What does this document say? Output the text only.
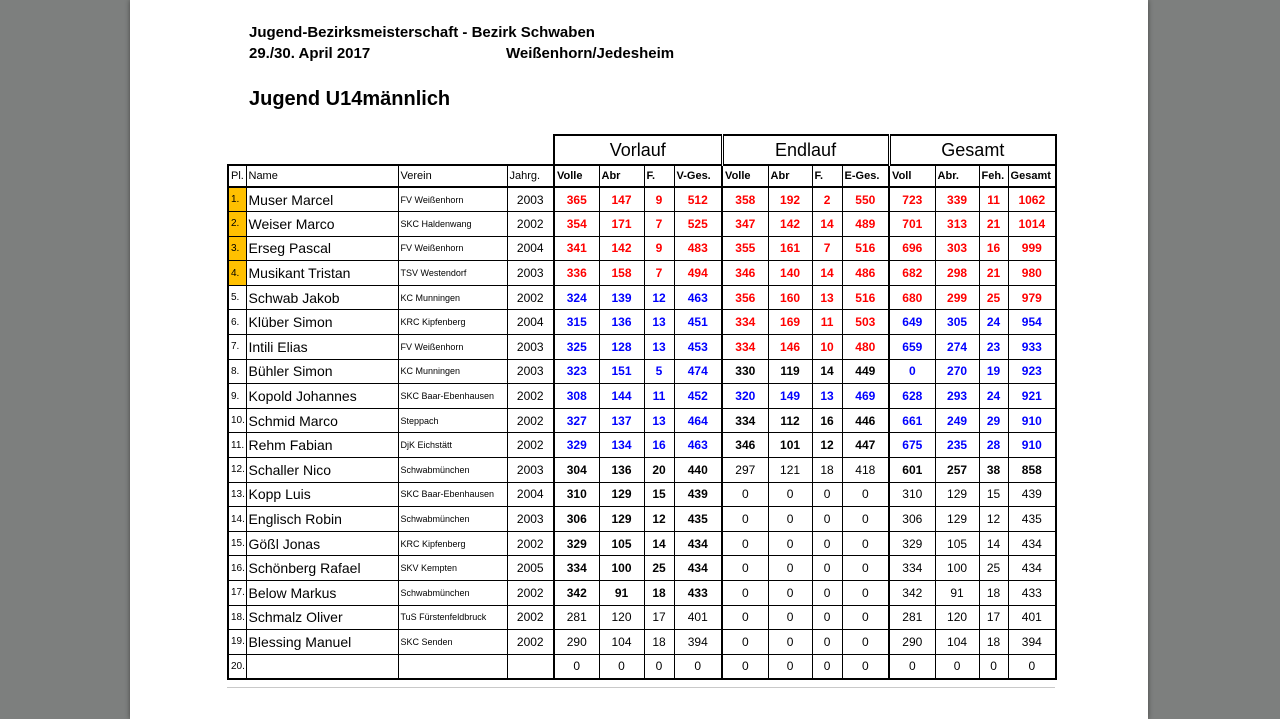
Jugend-Bezirksmeisterschaft - Bezirk Schwaben
29./30. April 2017	Weißenhorn/Jedesheim
Jugend U14männlich
				Vorlauf				Endlauf				Gesamt			
Pl.	Name	Verein	Jahrg.	Volle	Abr	F.	V-Ges.	Volle	Abr	F.	E-Ges.	Voll	Abr.	Feh.	Gesamt
1.	Muser Marcel	FV Weißenhorn	2003	365	147	9	512	358	192	2	550	723	339	11	1062
2.	Weiser Marco	SKC Haldenwang	2002	354	171	7	525	347	142	14	489	701	313	21	1014
3.	Erseg Pascal	FV Weißenhorn	2004	341	142	9	483	355	161	7	516	696	303	16	999
4.	Musikant Tristan	TSV Westendorf	2003	336	158	7	494	346	140	14	486	682	298	21	980
5.	Schwab Jakob	KC Munningen	2002	324	139	12	463	356	160	13	516	680	299	25	979
6.	Klüber Simon	KRC Kipfenberg	2004	315	136	13	451	334	169	11	503	649	305	24	954
7.	Intili Elias	FV Weißenhorn	2003	325	128	13	453	334	146	10	480	659	274	23	933
8.	Bühler Simon	KC Munningen	2003	323	151	5	474	330	119	14	449	0	270	19	923
9.	Kopold Johannes	SKC Baar-Ebenhausen	2002	308	144	11	452	320	149	13	469	628	293	24	921
10.	Schmid Marco	Steppach	2002	327	137	13	464	334	112	16	446	661	249	29	910
11.	Rehm Fabian	DjK Eichstätt	2002	329	134	16	463	346	101	12	447	675	235	28	910
12.	Schaller Nico	Schwabmünchen	2003	304	136	20	440	297	121	18	418	601	257	38	858
13.	Kopp Luis	SKC Baar-Ebenhausen	2004	310	129	15	439	0	0	0	0	310	129	15	439
14.	Englisch Robin	Schwabmünchen	2003	306	129	12	435	0	0	0	0	306	129	12	435
15.	Gößl Jonas	KRC Kipfenberg	2002	329	105	14	434	0	0	0	0	329	105	14	434
16.	Schönberg Rafael	SKV Kempten	2005	334	100	25	434	0	0	0	0	334	100	25	434
17.	Below Markus	Schwabmünchen	2002	342	91	18	433	0	0	0	0	342	91	18	433
18.	Schmalz Oliver	TuS Fürstenfeldbruck	2002	281	120	17	401	0	0	0	0	281	120	17	401
19.	Blessing Manuel	SKC Senden	2002	290	104	18	394	0	0	0	0	290	104	18	394
20.				0	0	0	0	0	0	0	0	0	0	0	0
